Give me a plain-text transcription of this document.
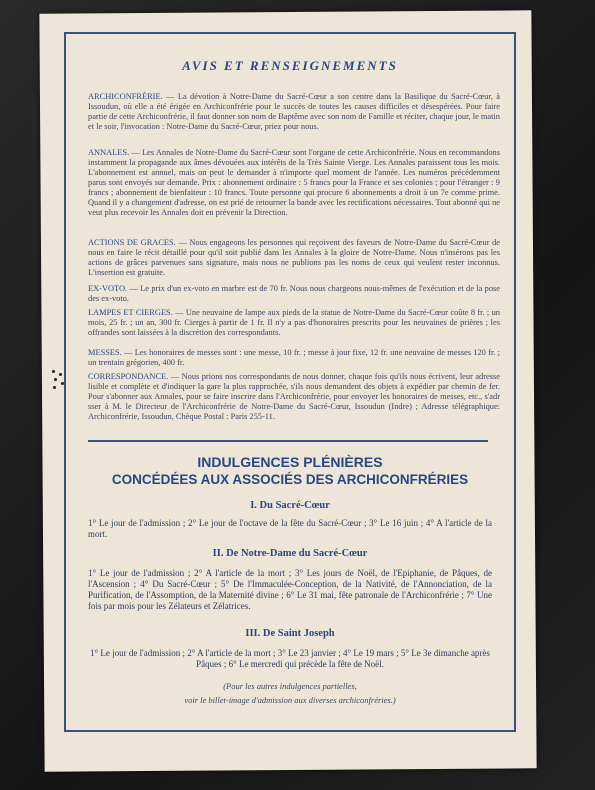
AVIS ET RENSEIGNEMENTS
ARCHICONFRÉRIE. — La dévotion à Notre-Dame du Sacré-Cœur a son centre dans la Basilique du Sacré-Cœur, à Issoudun, où elle a été érigée en Archiconfrérie pour le succès de toutes les causes difficiles et désespérées. Pour faire partie de cette Archiconfrérie, il faut donner son nom de Baptême avec son nom de Famille et réciter, chaque jour, le matin et le soir, l'invocation : Notre-Dame du Sacré-Cœur, priez pour nous.
ANNALES. — Les Annales de Notre-Dame du Sacré-Cœur sont l'organe de cette Archiconfrérie. Nous en recommandons instamment la propagande aux âmes dévouées aux intérêts de la Très Sainte Vierge. Les Annales paraissent tous les mois. L'abonnement est annuel, mais on peut le demander à n'importe quel moment de l'année. Les numéros précédemment parus sont envoyés sur demande. Prix : abonnement ordinaire : 5 francs pour la France et ses colonies ; pour l'étranger : 9 francs ; abonnement de bienfaiteur : 10 francs. Toute personne qui procure 6 abonnements a droit à un 7e comme prime. Quand il y a changement d'adresse, on est prié de retourner la bande avec les rectifications nécessaires. Tout abonné qui ne veut plus recevoir les Annales doit en prévenir la Direction.
ACTIONS DE GRACES. — Nous engageons les personnes qui reçoivent des faveurs de Notre-Dame du Sacré-Cœur de nous en faire le récit détaillé pour qu'il soit publié dans les Annales à la gloire de Notre-Dame. Nous n'insérons pas les actions de grâces parvenues sans signature, mais nous ne publions pas les noms de ceux qui veulent rester inconnus. L'insertion est gratuite.
EX-VOTO. — Le prix d'un ex-voto en marbre est de 70 fr. Nous nous chargeons nous-mêmes de l'exécution et de la pose des ex-voto.
LAMPES ET CIERGES. — Une neuvaine de lampe aux pieds de la statue de Notre-Dame du Sacré-Cœur coûte 8 fr. ; un mois, 25 fr. ; un an, 300 fr. Cierges à partir de 1 fr. Il n'y a pas d'honoraires prescrits pour les neuvaines de prières ; les offrandes sont laissées à la discrétion des correspondants.
MESSES. — Les honoraires de messes sont : une messe, 10 fr. ; messe à jour fixe, 12 fr. une neuvaine de messes 120 fr. ; un trentain grégorien, 400 fr.
CORRESPONDANCE. — Nous prions nos correspondants de nous donner, chaque fois qu'ils nous écrivent, leur adresse lisible et complète et d'indiquer la gare la plus rapprochée, s'ils nous demandent des objets à expédier par chemin de fer. Pour s'abonner aux Annales, pour se faire inscrire dans l'Archiconfrérie, pour envoyer les honoraires de messes, etc., s'adr sser à M. le Directeur de l'Archiconfrérie de Notre-Dame du Sacré-Cœur, Issoudun (Indre) ; Adresse télégraphique: Archiconfrérie, Issoudun, Chèque Postal : Paris 255-11.
INDULGENCES PLÉNIÈRES
CONCÉDÉES AUX ASSOCIÉS DES ARCHICONFRÉRIES
I. Du Sacré-Cœur
1° Le jour de l'admission ; 2° Le jour de l'octave de la fête du Sacré-Cœur ; 3° Le 16 juin ; 4° A l'article de la mort.
II. De Notre-Dame du Sacré-Cœur
1° Le jour de l'admission ; 2° A l'article de la mort ; 3° Les jours de Noël, de l'Epiphanie, de Pâques, de l'Ascension ; 4° Du Sacré-Cœur ; 5° De l'Immaculée-Conception, de la Nativité, de l'Annonciation, de la Purification, de l'Assomption, de la Maternité divine ; 6° Le 31 mai, fête patronale de l'Archiconfrérie ; 7° Une fois par mois pour les Zélateurs et Zélatrices.
III. De Saint Joseph
1° Le jour de l'admission ; 2° A l'article de la mort ; 3° Le 23 janvier ; 4° Le 19 mars ; 5° Le 3e dimanche après Pâques ; 6° Le mercredi qui précède la fête de Noël.
(Pour les autres indulgences partielles,
voir le billet-image d'admission aux diverses archiconfréries.)
